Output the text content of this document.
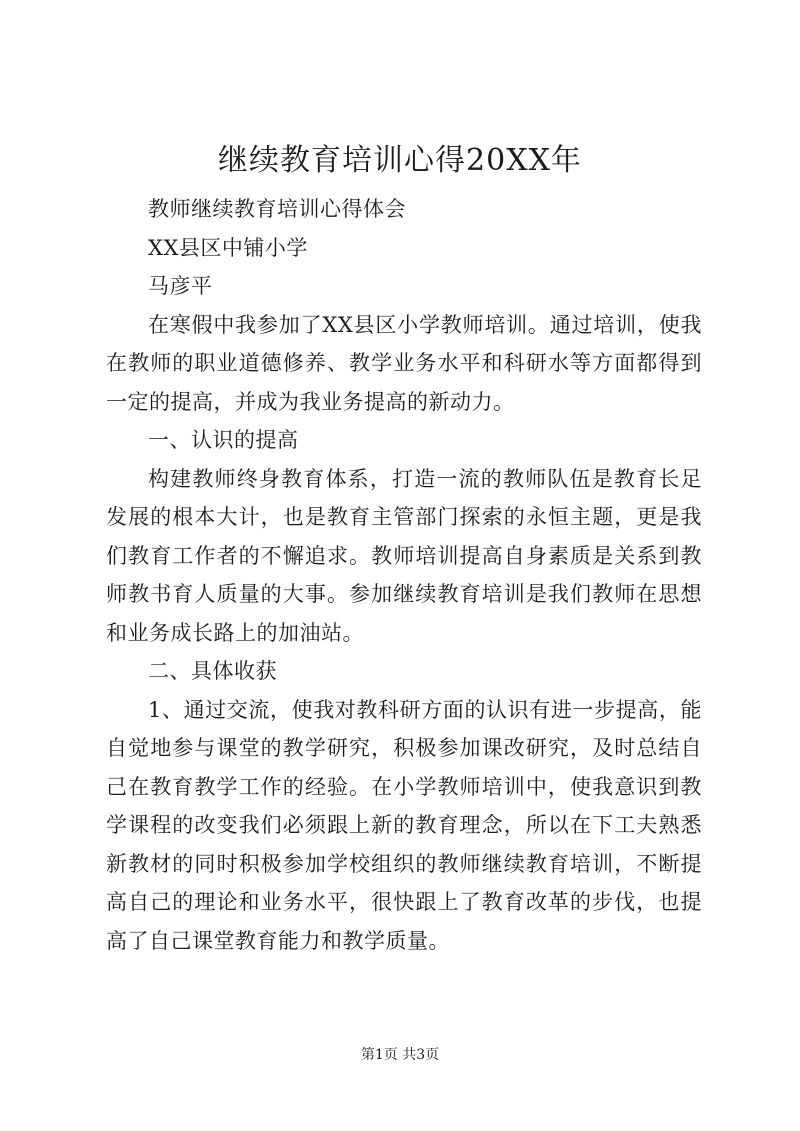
继续教育培训心得20XX年

教师继续教育培训心得体会

XX县区中铺小学

马彦平

在寒假中我参加了XX县区小学教师培训。通过培训，使我在教师的职业道德修养、教学业务水平和科研水等方面都得到一定的提高，并成为我业务提高的新动力。

一、认识的提高

构建教师终身教育体系，打造一流的教师队伍是教育长足发展的根本大计，也是教育主管部门探索的永恒主题，更是我们教育工作者的不懈追求。教师培训提高自身素质是关系到教师教书育人质量的大事。参加继续教育培训是我们教师在思想和业务成长路上的加油站。

二、具体收获

1、通过交流，使我对教科研方面的认识有进一步提高，能自觉地参与课堂的教学研究，积极参加课改研究，及时总结自己在教育教学工作的经验。在小学教师培训中，使我意识到教学课程的改变我们必须跟上新的教育理念，所以在下工夫熟悉新教材的同时积极参加学校组织的教师继续教育培训，不断提高自己的理论和业务水平，很快跟上了教育改革的步伐，也提高了自己课堂教育能力和教学质量。

第1页 共3页
